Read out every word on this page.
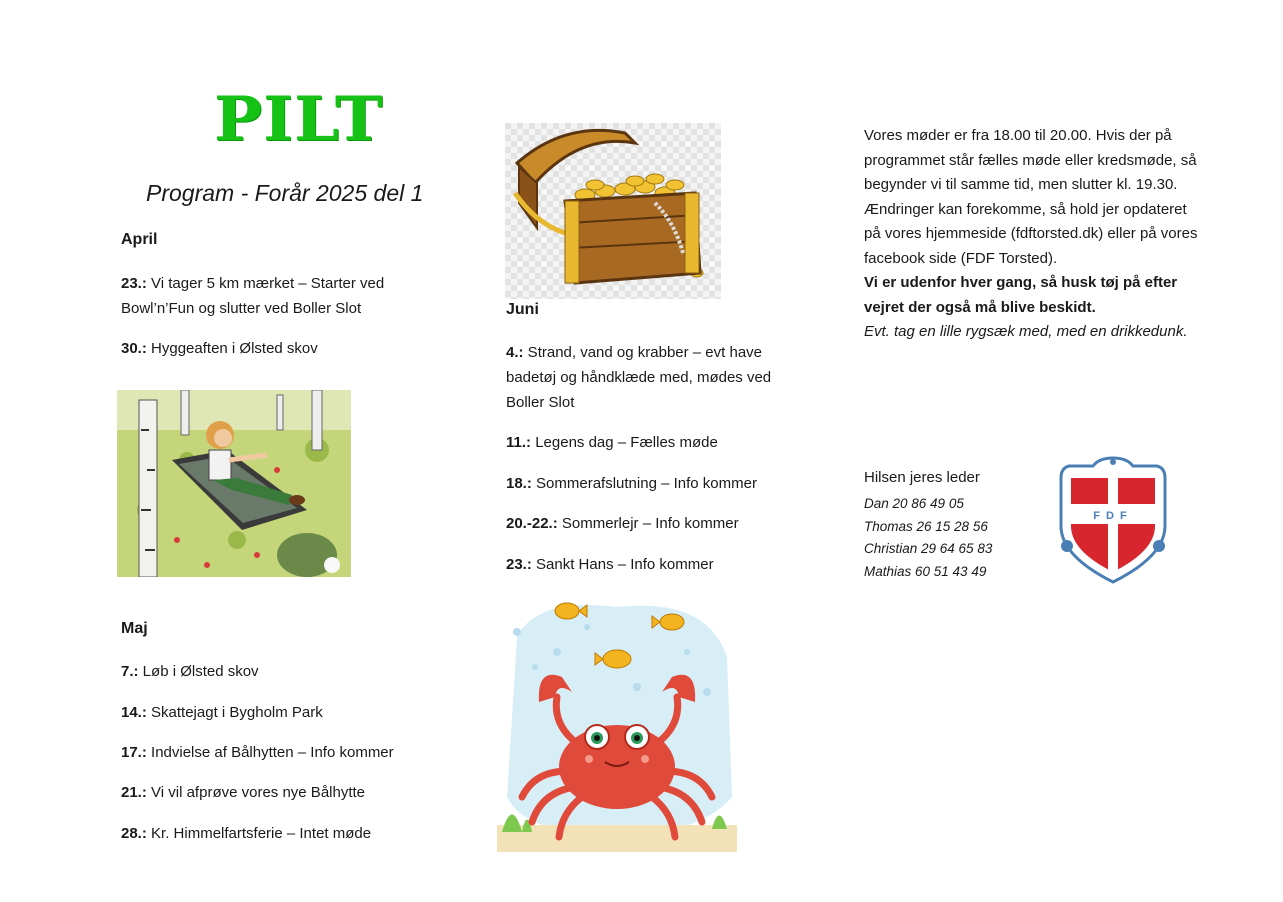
PILT
Program - Forår 2025 del 1
April
23.: Vi tager 5 km mærket – Starter ved Bowl’n’Fun og slutter ved Boller Slot
30.: Hyggeaften i Ølsted skov
Maj
7.: Løb i Ølsted skov
14.: Skattejagt i Bygholm Park
17.: Indvielse af Bålhytten – Info kommer
21.: Vi vil afprøve vores nye Bålhytte
28.: Kr. Himmelfartsferie – Intet møde
Juni
4.: Strand, vand og krabber – evt have badetøj og håndklæde med, mødes ved Boller Slot
11.: Legens dag – Fælles møde
18.: Sommerafslutning – Info kommer
20.-22.: Sommerlejr – Info kommer
23.: Sankt Hans – Info kommer

Vores møder er fra 18.00 til 20.00. Hvis der på programmet står fælles møde eller kredsmøde, så begynder vi til samme tid, men slutter kl. 19.30.

Ændringer kan forekomme, så hold jer opdateret på vores hjemmeside (fdftorsted.dk) eller på vores facebook side (FDF Torsted).

Vi er udenfor hver gang, så husk tøj på efter vejret der også må blive beskidt.

Evt. tag en lille rygsæk med, med en drikkedunk.

Hilsen jeres leder
Dan 20 86 49 05
Thomas 26 15 28 56
Christian 29 64 65 83
Mathias 60 51 43 49
FDF
